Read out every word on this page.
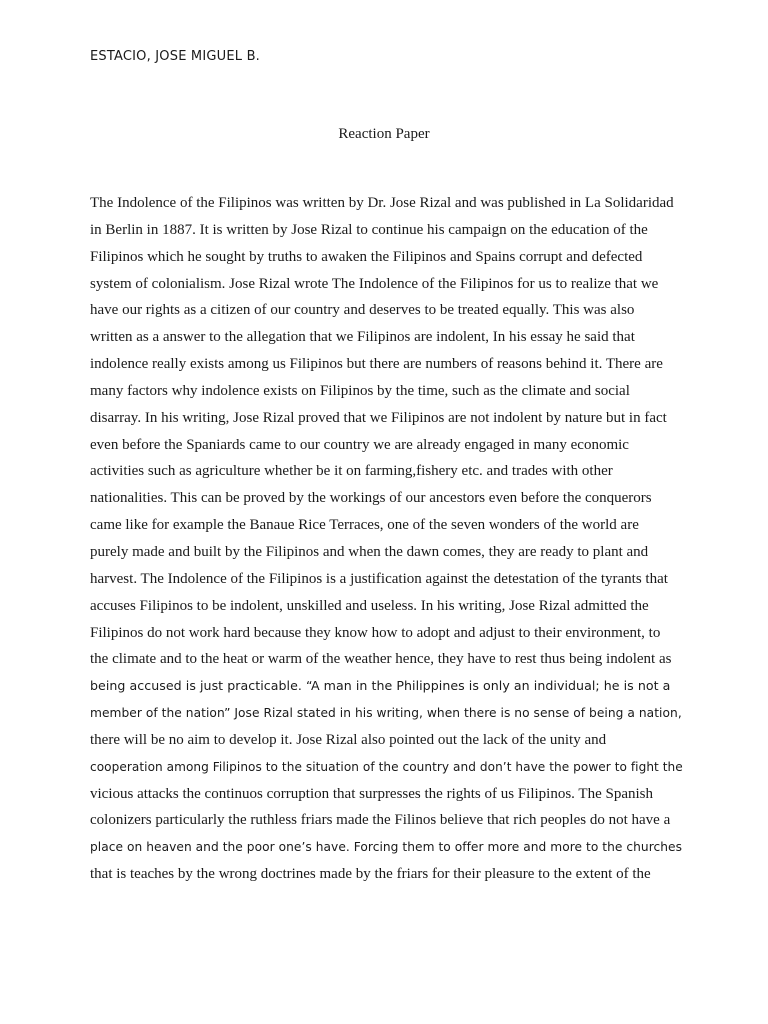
ESTACIO, JOSE MIGUEL B.
Reaction Paper
The Indolence of the Filipinos was written by Dr. Jose Rizal and was published in La Solidaridad
in Berlin in 1887. It is written by Jose Rizal to continue his campaign on the education of the
Filipinos which he sought by truths to awaken the Filipinos and Spains corrupt and defected
system of colonialism. Jose Rizal wrote The Indolence of the Filipinos for us to realize that we
have our rights as a citizen of our country and deserves to be treated equally. This was also
written as a answer to the allegation that we Filipinos are indolent, In his essay he said that
indolence really exists among us Filipinos but there are numbers of reasons behind it. There are
many factors why indolence exists on Filipinos by the time, such as the climate and social
disarray. In his writing, Jose Rizal proved that we Filipinos are not indolent by nature but in fact
even before the Spaniards came to our country we are already engaged in many economic
activities such as agriculture whether be it on farming,fishery etc. and trades with other
nationalities. This can be proved by the workings of our ancestors even before the conquerors
came like for example the Banaue Rice Terraces, one of the seven wonders of the world are
purely made and built by the Filipinos and when the dawn comes, they are ready to plant and
harvest. The Indolence of the Filipinos is a justification against the detestation of the tyrants that
accuses Filipinos to be indolent, unskilled and useless. In his writing, Jose Rizal admitted the
Filipinos do not work hard because they know how to adopt and adjust to their environment, to
the climate and to the heat or warm of the weather hence, they have to rest thus being indolent as
being accused is just practicable. “A man in the Philippines is only an individual; he is not a
member of the nation” Jose Rizal stated in his writing, when there is no sense of being a nation,
there will be no aim to develop it. Jose Rizal also pointed out the lack of the unity and
cooperation among Filipinos to the situation of the country and don’t have the power to fight the
vicious attacks the continuos corruption that surpresses the rights of us Filipinos. The Spanish
colonizers particularly the ruthless friars made the Filinos believe that rich peoples do not have a
place on heaven and the poor one’s have. Forcing them to offer more and more to the churches
that is teaches by the wrong doctrines made by the friars for their pleasure to the extent of the
